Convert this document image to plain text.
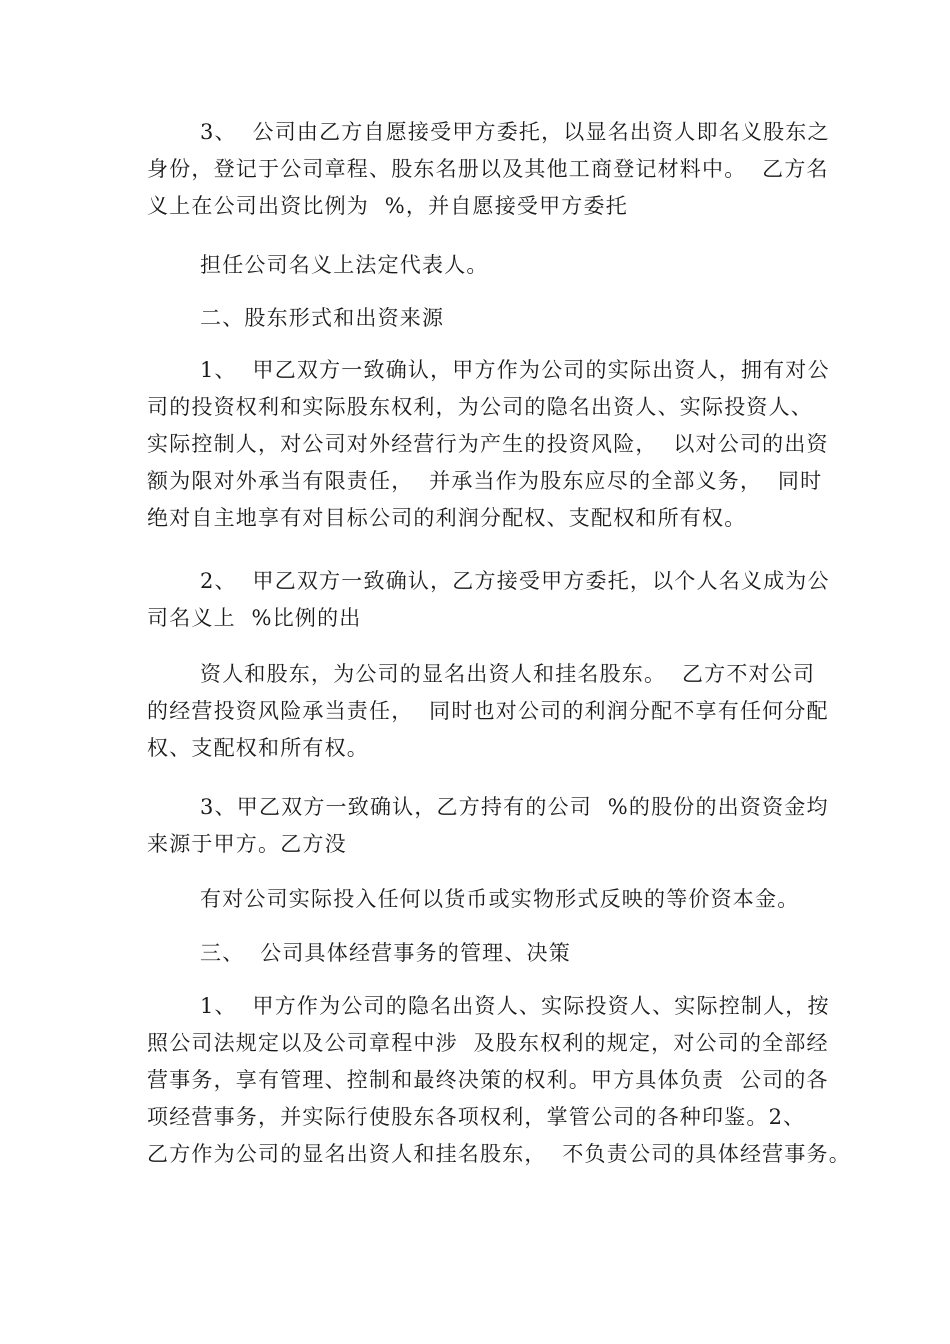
3、  公司由乙方自愿接受甲方委托，以显名出资人即名义股东之
身份，登记于公司章程、股东名册以及其他工商登记材料中。  乙方名
义上在公司出资比例为  %，并自愿接受甲方委托
担任公司名义上法定代表人。
二、股东形式和出资来源
1、  甲乙双方一致确认，甲方作为公司的实际出资人，拥有对公
司的投资权利和实际股东权利，为公司的隐名出资人、实际投资人、
实际控制人，对公司对外经营行为产生的投资风险，  以对公司的出资
额为限对外承当有限责任，  并承当作为股东应尽的全部义务，  同时
绝对自主地享有对目标公司的利润分配权、支配权和所有权。
2、  甲乙双方一致确认，乙方接受甲方委托，以个人名义成为公
司名义上  %比例的出
资人和股东，为公司的显名出资人和挂名股东。  乙方不对公司
的经营投资风险承当责任，  同时也对公司的利润分配不享有任何分配
权、支配权和所有权。
3、甲乙双方一致确认，乙方持有的公司  %的股份的出资资金均
来源于甲方。乙方没
有对公司实际投入任何以货币或实物形式反映的等价资本金。
三、  公司具体经营事务的管理、决策
1、  甲方作为公司的隐名出资人、实际投资人、实际控制人，按
照公司法规定以及公司章程中涉  及股东权利的规定，对公司的全部经
营事务，享有管理、控制和最终决策的权利。甲方具体负责  公司的各
项经营事务，并实际行使股东各项权利，掌管公司的各种印鉴。2、
乙方作为公司的显名出资人和挂名股东，  不负责公司的具体经营事务。
